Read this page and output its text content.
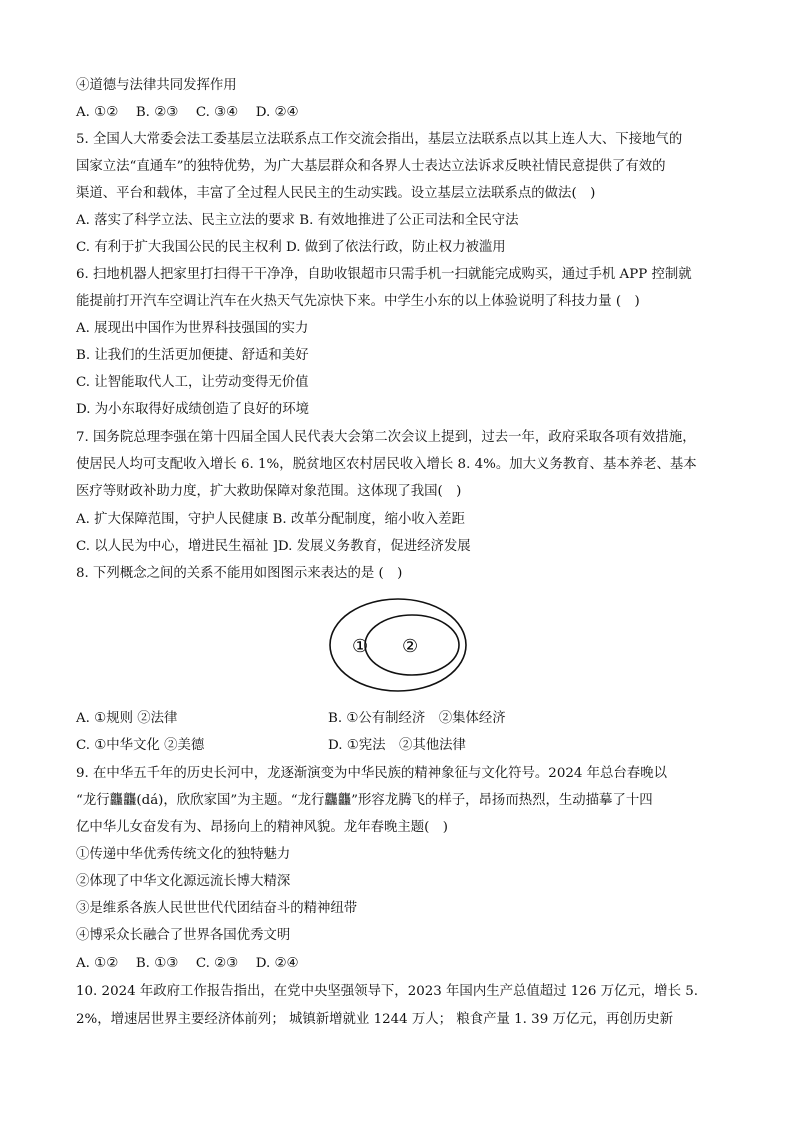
④道德与法律共同发挥作用
A. ①②　 B. ②③　 C. ③④　 D. ②④
5. 全国人大常委会法工委基层立法联系点工作交流会指出，基层立法联系点以其上连人大、下接地气的
国家立法“直通车”的独特优势，为广大基层群众和各界人士表达立法诉求反映社情民意提供了有效的
渠道、平台和载体，丰富了全过程人民民主的生动实践。设立基层立法联系点的做法(　)
A. 落实了科学立法、民主立法的要求 B. 有效地推进了公正司法和全民守法
C. 有利于扩大我国公民的民主权利 D. 做到了依法行政，防止权力被滥用
6. 扫地机器人把家里打扫得干干净净，自助收银超市只需手机一扫就能完成购买，通过手机 APP 控制就
能提前打开汽车空调让汽车在火热天气先凉快下来。中学生小东的以上体验说明了科技力量 (　)
A. 展现出中国作为世界科技强国的实力
B. 让我们的生活更加便捷、舒适和美好
C. 让智能取代人工，让劳动变得无价值
D. 为小东取得好成绩创造了良好的环境
7. 国务院总理李强在第十四届全国人民代表大会第二次会议上提到，过去一年，政府采取各项有效措施，
使居民人均可支配收入增长 6. 1%，脱贫地区农村居民收入增长 8. 4%。加大义务教育、基本养老、基本
医疗等财政补助力度，扩大救助保障对象范围。这体现了我国(　)
A. 扩大保障范围，守护人民健康 B. 改革分配制度，缩小收入差距
C. 以人民为中心，增进民生福祉 ]D. 发展义务教育，促进经济发展
8. 下列概念之间的关系不能用如图图示来表达的是 (　)
① ②
A. ①规则 ②法律	B. ①公有制经济　②集体经济
C. ①中华文化 ②美德	D. ①宪法　②其他法律
9. 在中华五千年的历史长河中，龙逐渐演变为中华民族的精神象征与文化符号。2024 年总台春晚以
“龙行龘龘(dá)，欣欣家国”为主题。“龙行龘龘”形容龙腾飞的样子，昂扬而热烈，生动描摹了十四
亿中华儿女奋发有为、昂扬向上的精神风貌。龙年春晚主题(　)
①传递中华优秀传统文化的独特魅力
②体现了中华文化源远流长博大精深
③是维系各族人民世世代代团结奋斗的精神纽带
④博采众长融合了世界各国优秀文明
A. ①②　 B. ①③　 C. ②③　 D. ②④
10. 2024 年政府工作报告指出，在党中央坚强领导下，2023 年国内生产总值超过 126 万亿元，增长 5.
2%，增速居世界主要经济体前列； 城镇新增就业 1244 万人； 粮食产量 1. 39 万亿元，再创历史新
